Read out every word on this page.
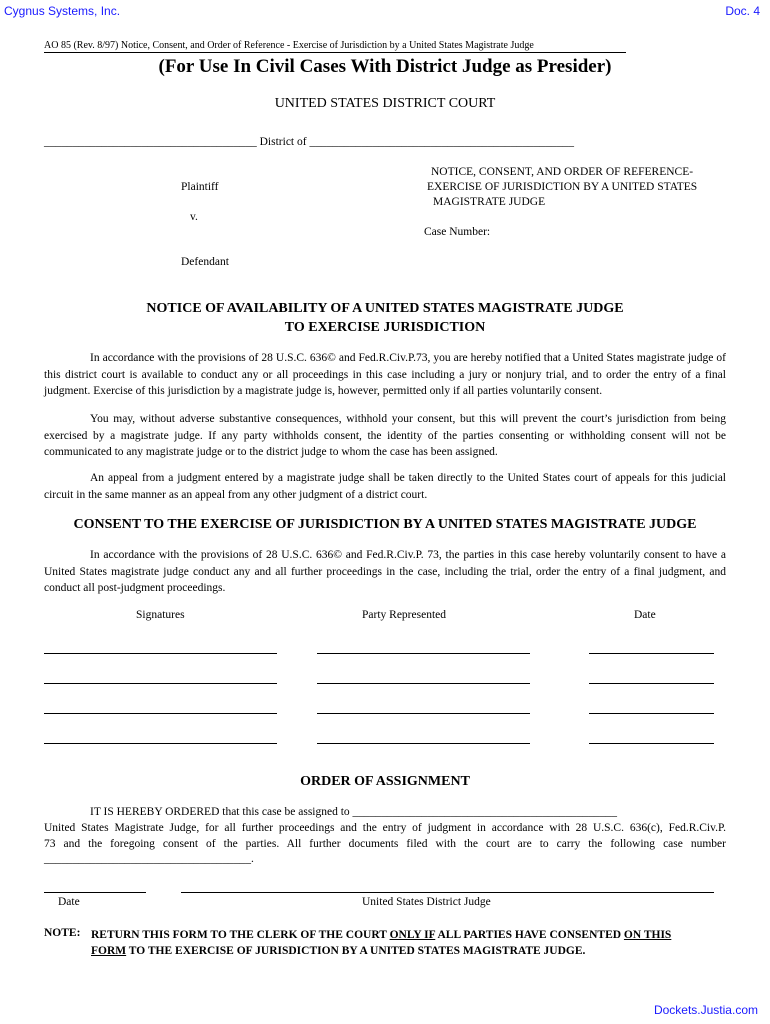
Cygnus Systems, Inc.	Doc. 4
AO 85 (Rev. 8/97) Notice, Consent, and Order of Reference - Exercise of Jurisdiction by a United States Magistrate Judge
(For Use In Civil Cases With District Judge as Presider)
UNITED STATES DISTRICT COURT
_____________________________________ District of ______________________________________________
Plaintiff
v.
Defendant
NOTICE, CONSENT, AND ORDER OF REFERENCE-
EXERCISE OF JURISDICTION BY A UNITED STATES
MAGISTRATE JUDGE
Case Number:
NOTICE OF AVAILABILITY OF A UNITED STATES MAGISTRATE JUDGE
TO EXERCISE JURISDICTION
In accordance with the provisions of 28 U.S.C. 636© and Fed.R.Civ.P.73, you are hereby notified that a United States magistrate judge of this district court is available to conduct any or all proceedings in this case including a jury or nonjury trial, and to order the entry of a final judgment. Exercise of this jurisdiction by a magistrate judge is, however, permitted only if all parties voluntarily consent.
You may, without adverse substantive consequences, withhold your consent, but this will prevent the court’s jurisdiction from being exercised by a magistrate judge. If any party withholds consent, the identity of the parties consenting or withholding consent will not be communicated to any magistrate judge or to the district judge to whom the case has been assigned.
An appeal from a judgment entered by a magistrate judge shall be taken directly to the United States court of appeals for this judicial circuit in the same manner as an appeal from any other judgment of a district court.
CONSENT TO THE EXERCISE OF JURISDICTION BY A UNITED STATES MAGISTRATE JUDGE
In accordance with the provisions of 28 U.S.C. 636© and Fed.R.Civ.P. 73, the parties in this case hereby voluntarily consent to have a United States magistrate judge conduct any and all further proceedings in the case, including the trial, order the entry of a final judgment, and conduct all post-judgment proceedings.
Signatures	Party Represented	Date
ORDER OF ASSIGNMENT
IT IS HEREBY ORDERED that this case be assigned to ______________________________________________
United States Magistrate Judge, for all further proceedings and the entry of judgment in accordance with 28 U.S.C. 636(c), Fed.R.Civ.P.
73 and the foregoing consent of the parties. All further documents filed with the court are to carry the following case number
____________________________________.
Date	United States District Judge
NOTE: RETURN THIS FORM TO THE CLERK OF THE COURT ONLY IF ALL PARTIES HAVE CONSENTED ON THIS
FORM TO THE EXERCISE OF JURISDICTION BY A UNITED STATES MAGISTRATE JUDGE.
Dockets.Justia.com
